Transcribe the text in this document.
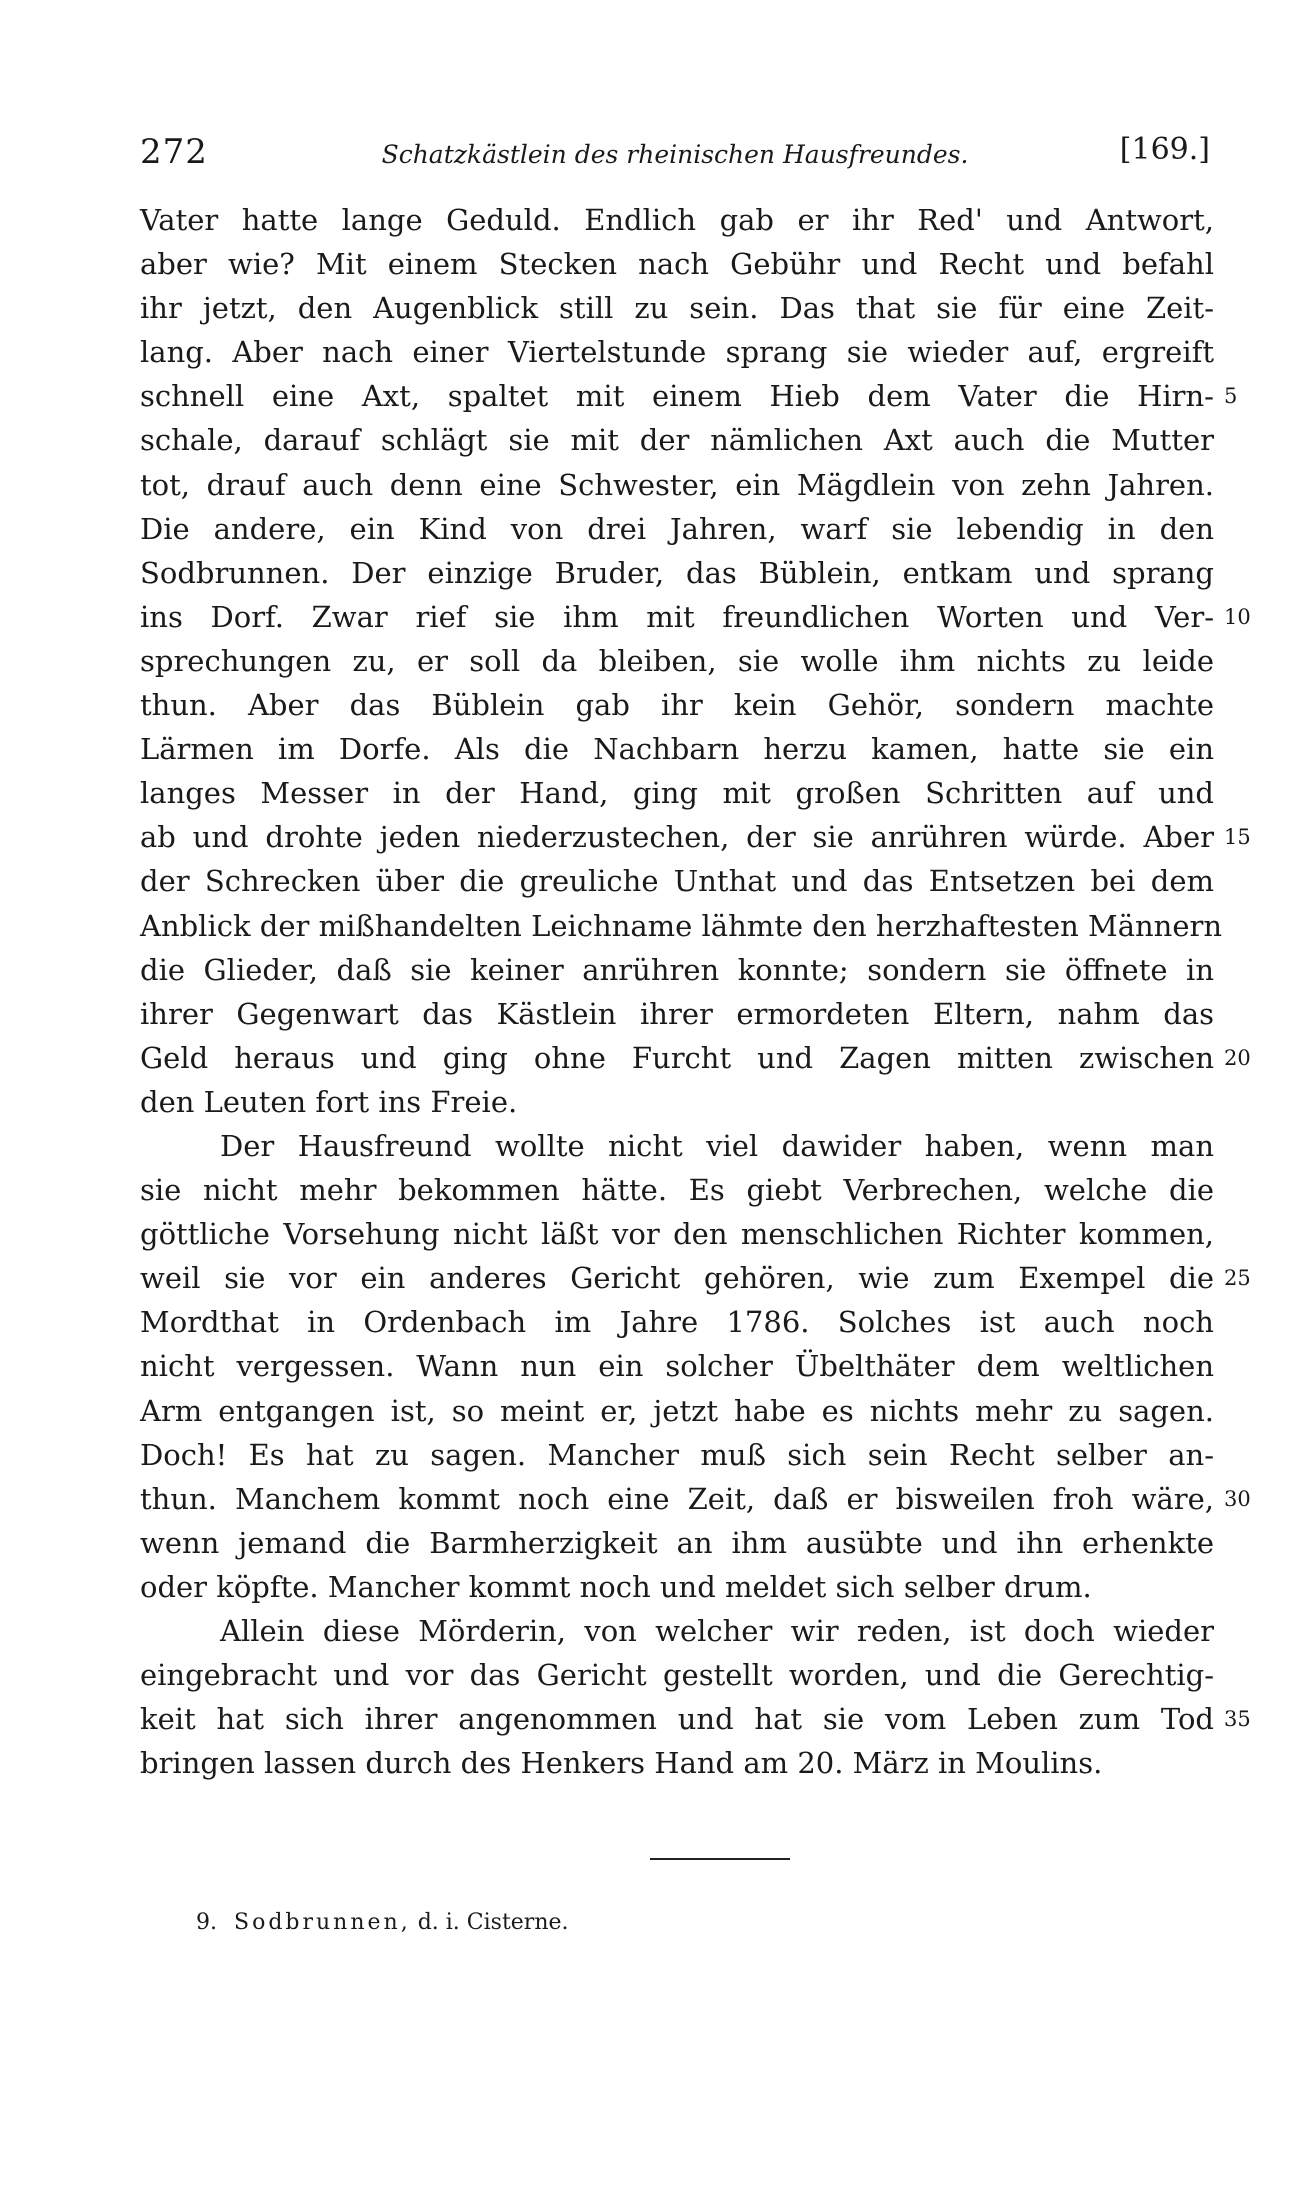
272	Schatzkästlein des rheinischen Hausfreundes.	[169.]
Vater hatte lange Geduld. Endlich gab er ihr Red' und Antwort,
aber wie? Mit einem Stecken nach Gebühr und Recht und befahl
ihr jetzt, den Augenblick still zu sein. Das that sie für eine Zeit-
lang. Aber nach einer Viertelstunde sprang sie wieder auf, ergreift
schnell eine Axt, spaltet mit einem Hieb dem Vater die Hirn- 5
schale, darauf schlägt sie mit der nämlichen Axt auch die Mutter
tot, drauf auch denn eine Schwester, ein Mägdlein von zehn Jahren.
Die andere, ein Kind von drei Jahren, warf sie lebendig in den
Sodbrunnen. Der einzige Bruder, das Büblein, entkam und sprang
ins Dorf. Zwar rief sie ihm mit freundlichen Worten und Ver- 10
sprechungen zu, er soll da bleiben, sie wolle ihm nichts zu leide
thun. Aber das Büblein gab ihr kein Gehör, sondern machte
Lärmen im Dorfe. Als die Nachbarn herzu kamen, hatte sie ein
langes Messer in der Hand, ging mit großen Schritten auf und
ab und drohte jeden niederzustechen, der sie anrühren würde. Aber 15
der Schrecken über die greuliche Unthat und das Entsetzen bei dem
Anblick der mißhandelten Leichname lähmte den herzhaftesten Männern
die Glieder, daß sie keiner anrühren konnte; sondern sie öffnete in
ihrer Gegenwart das Kästlein ihrer ermordeten Eltern, nahm das
Geld heraus und ging ohne Furcht und Zagen mitten zwischen 20
den Leuten fort ins Freie.
Der Hausfreund wollte nicht viel dawider haben, wenn man
sie nicht mehr bekommen hätte. Es giebt Verbrechen, welche die
göttliche Vorsehung nicht läßt vor den menschlichen Richter kommen,
weil sie vor ein anderes Gericht gehören, wie zum Exempel die 25
Mordthat in Ordenbach im Jahre 1786. Solches ist auch noch
nicht vergessen. Wann nun ein solcher Übelthäter dem weltlichen
Arm entgangen ist, so meint er, jetzt habe es nichts mehr zu sagen.
Doch! Es hat zu sagen. Mancher muß sich sein Recht selber an-
thun. Manchem kommt noch eine Zeit, daß er bisweilen froh wäre, 30
wenn jemand die Barmherzigkeit an ihm ausübte und ihn erhenkte
oder köpfte. Mancher kommt noch und meldet sich selber drum.
Allein diese Mörderin, von welcher wir reden, ist doch wieder
eingebracht und vor das Gericht gestellt worden, und die Gerechtig-
keit hat sich ihrer angenommen und hat sie vom Leben zum Tod 35
bringen lassen durch des Henkers Hand am 20. März in Moulins.
9. Sodbrunnen, d. i. Cisterne.
